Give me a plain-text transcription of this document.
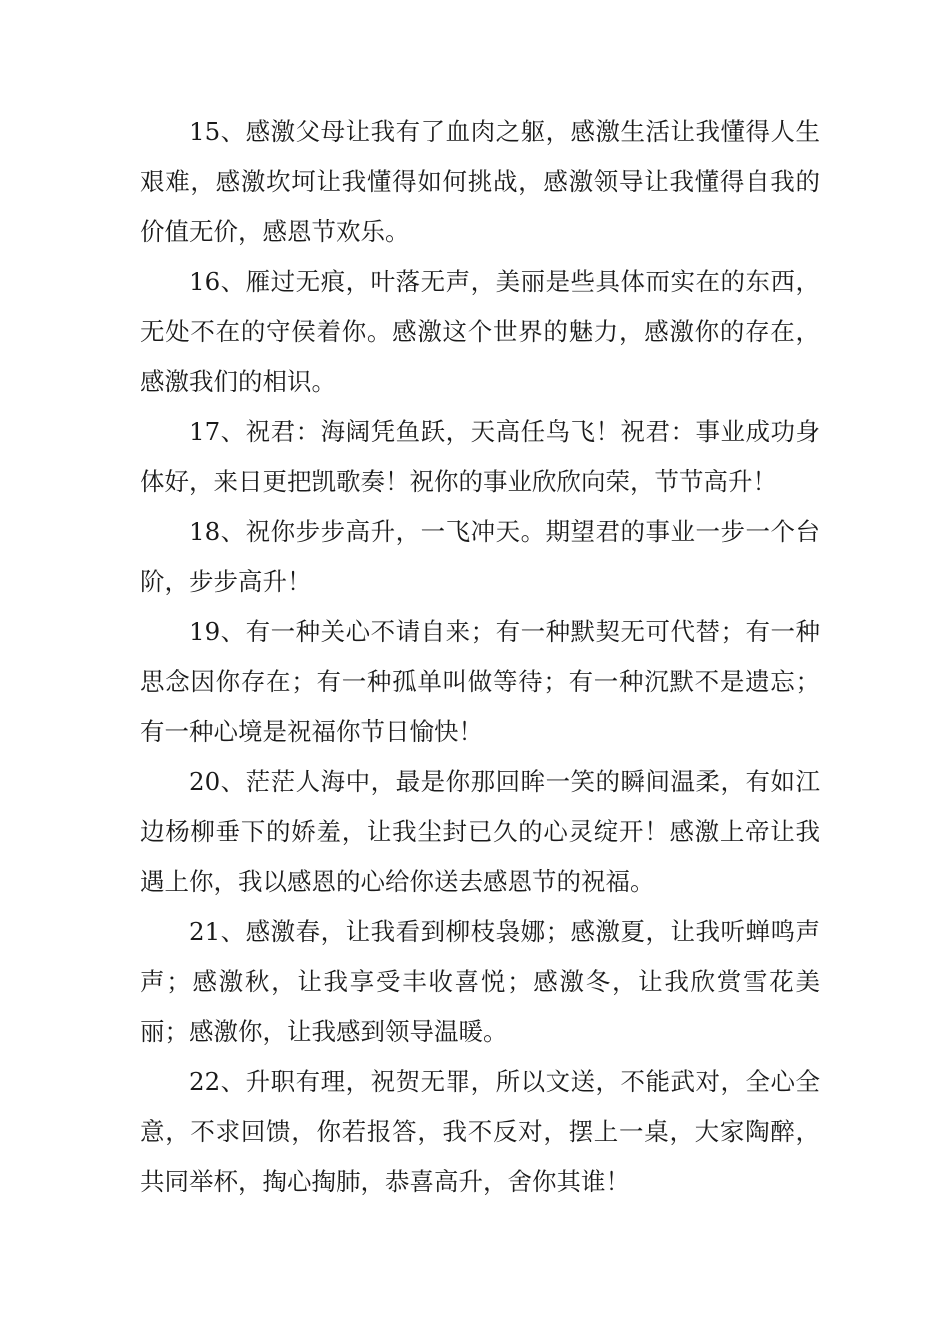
15、感激父母让我有了血肉之躯，感激生活让我懂得人生艰难，感激坎坷让我懂得如何挑战，感激领导让我懂得自我的价值无价，感恩节欢乐。

16、雁过无痕，叶落无声，美丽是些具体而实在的东西，无处不在的守侯着你。感激这个世界的魅力，感激你的存在，感激我们的相识。

17、祝君：海阔凭鱼跃，天高任鸟飞！祝君：事业成功身体好，来日更把凯歌奏！祝你的事业欣欣向荣，节节高升！

18、祝你步步高升，一飞冲天。期望君的事业一步一个台阶，步步高升！

19、有一种关心不请自来；有一种默契无可代替；有一种思念因你存在；有一种孤单叫做等待；有一种沉默不是遗忘；有一种心境是祝福你节日愉快！

20、茫茫人海中，最是你那回眸一笑的瞬间温柔，有如江边杨柳垂下的娇羞，让我尘封已久的心灵绽开！感激上帝让我遇上你，我以感恩的心给你送去感恩节的祝福。

21、感激春，让我看到柳枝袅娜；感激夏，让我听蝉鸣声声；感激秋，让我享受丰收喜悦；感激冬，让我欣赏雪花美丽；感激你，让我感到领导温暖。

22、升职有理，祝贺无罪，所以文送，不能武对，全心全意，不求回馈，你若报答，我不反对，摆上一桌，大家陶醉，共同举杯，掏心掏肺，恭喜高升，舍你其谁！
